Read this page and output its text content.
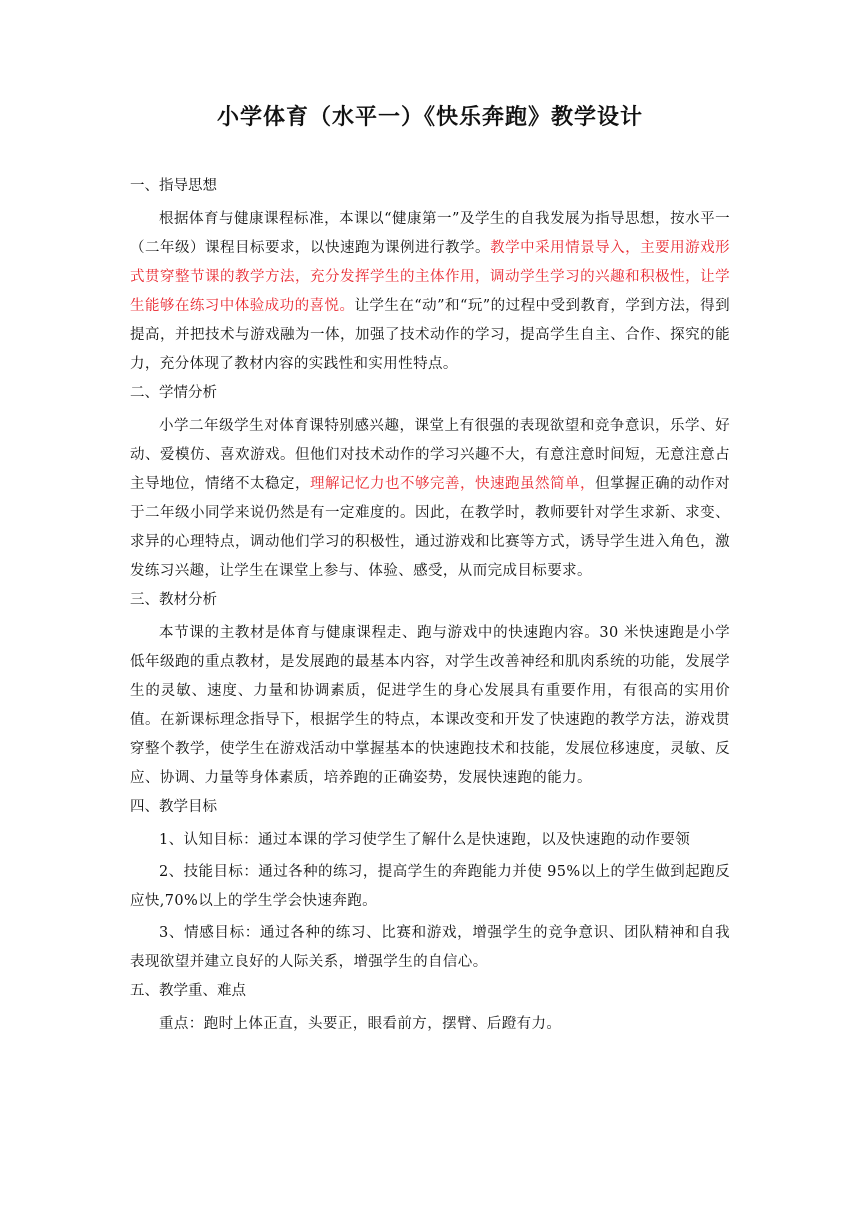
小学体育（水平一）《快乐奔跑》教学设计
一、指导思想

根据体育与健康课程标准，本课以“健康第一”及学生的自我发展为指导思想，按水平一（二年级）课程目标要求，以快速跑为课例进行教学。教学中采用情景导入，主要用游戏形式贯穿整节课的教学方法，充分发挥学生的主体作用，调动学生学习的兴趣和积极性，让学生能够在练习中体验成功的喜悦。让学生在“动”和“玩”的过程中受到教育，学到方法，得到提高，并把技术与游戏融为一体，加强了技术动作的学习，提高学生自主、合作、探究的能力，充分体现了教材内容的实践性和实用性特点。

二、学情分析

小学二年级学生对体育课特别感兴趣，课堂上有很强的表现欲望和竞争意识，乐学、好动、爱模仿、喜欢游戏。但他们对技术动作的学习兴趣不大，有意注意时间短，无意注意占主导地位，情绪不太稳定，理解记忆力也不够完善，快速跑虽然简单，但掌握正确的动作对于二年级小同学来说仍然是有一定难度的。因此，在教学时，教师要针对学生求新、求变、求异的心理特点，调动他们学习的积极性，通过游戏和比赛等方式，诱导学生进入角色，激发练习兴趣，让学生在课堂上参与、体验、感受，从而完成目标要求。

三、教材分析

本节课的主教材是体育与健康课程走、跑与游戏中的快速跑内容。30 米快速跑是小学低年级跑的重点教材，是发展跑的最基本内容，对学生改善神经和肌肉系统的功能，发展学生的灵敏、速度、力量和协调素质，促进学生的身心发展具有重要作用，有很高的实用价值。在新课标理念指导下，根据学生的特点，本课改变和开发了快速跑的教学方法，游戏贯穿整个教学，使学生在游戏活动中掌握基本的快速跑技术和技能，发展位移速度，灵敏、反应、协调、力量等身体素质，培养跑的正确姿势，发展快速跑的能力。

四、教学目标

1、认知目标：通过本课的学习使学生了解什么是快速跑，以及快速跑的动作要领

2、技能目标：通过各种的练习，提高学生的奔跑能力并使 95%以上的学生做到起跑反应快,70%以上的学生学会快速奔跑。

3、情感目标：通过各种的练习、比赛和游戏，增强学生的竞争意识、团队精神和自我表现欲望并建立良好的人际关系，增强学生的自信心。

五、教学重、难点

重点：跑时上体正直，头要正，眼看前方，摆臂、后蹬有力。
